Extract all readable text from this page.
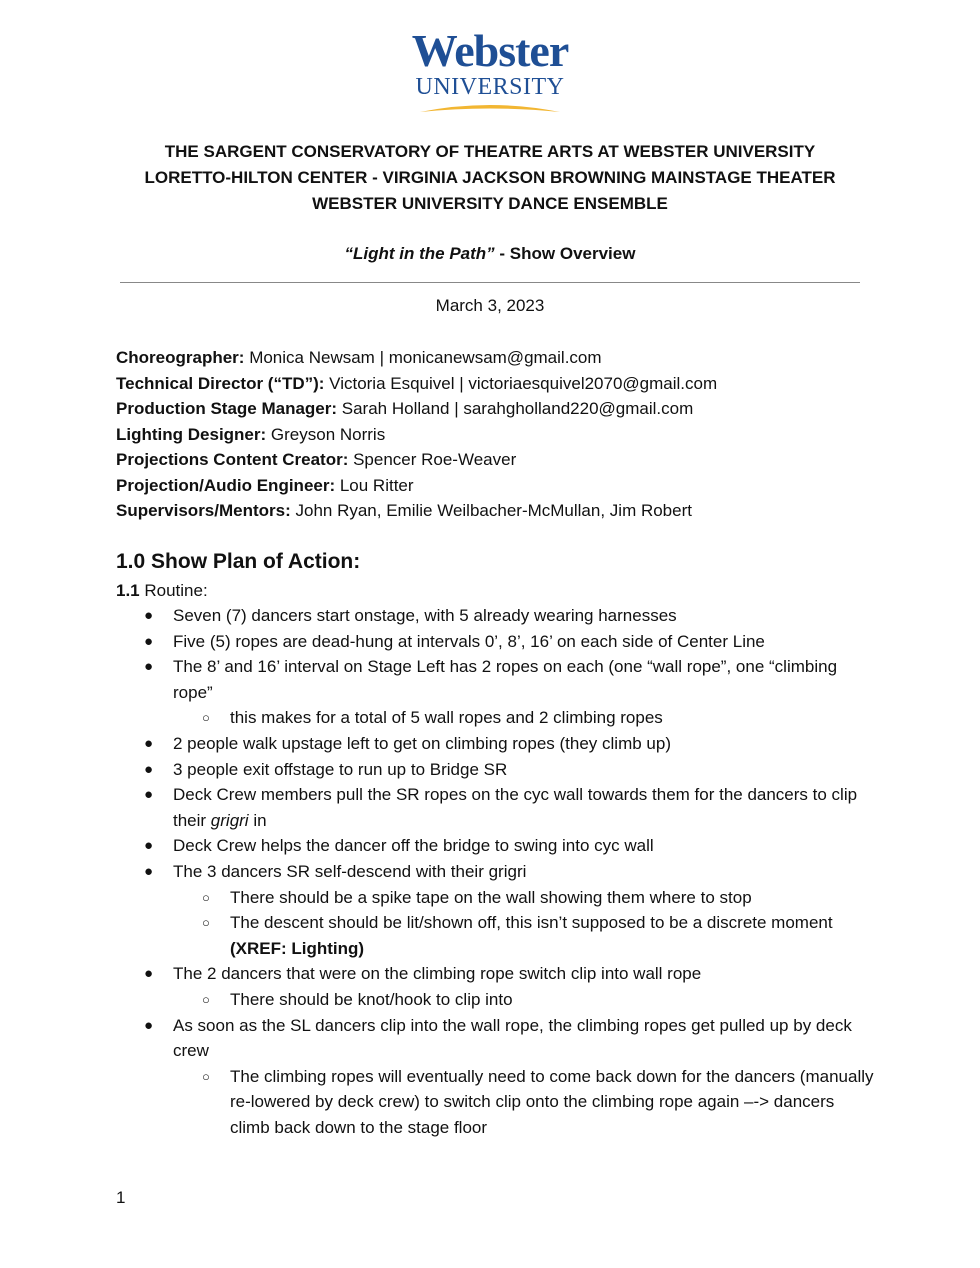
Webster
UNIVERSITY
THE SARGENT CONSERVATORY OF THEATRE ARTS AT WEBSTER UNIVERSITY
LORETTO-HILTON CENTER - VIRGINIA JACKSON BROWNING MAINSTAGE THEATER
WEBSTER UNIVERSITY DANCE ENSEMBLE
“Light in the Path” - Show Overview
March 3, 2023
Choreographer: Monica Newsam | monicanewsam@gmail.com
Technical Director (“TD”): Victoria Esquivel | victoriaesquivel2070@gmail.com
Production Stage Manager: Sarah Holland | sarahgholland220@gmail.com
Lighting Designer: Greyson Norris
Projections Content Creator: Spencer Roe-Weaver
Projection/Audio Engineer: Lou Ritter
Supervisors/Mentors: John Ryan, Emilie Weilbacher-McMullan, Jim Robert
1.0 Show Plan of Action:
1.1 Routine:
● Seven (7) dancers start onstage, with 5 already wearing harnesses
● Five (5) ropes are dead-hung at intervals 0’, 8’, 16’ on each side of Center Line
● The 8’ and 16’ interval on Stage Left has 2 ropes on each (one “wall rope”, one “climbing rope”
○ this makes for a total of 5 wall ropes and 2 climbing ropes
● 2 people walk upstage left to get on climbing ropes (they climb up)
● 3 people exit offstage to run up to Bridge SR
● Deck Crew members pull the SR ropes on the cyc wall towards them for the dancers to clip their grigri in
● Deck Crew helps the dancer off the bridge to swing into cyc wall
● The 3 dancers SR self-descend with their grigri
○ There should be a spike tape on the wall showing them where to stop
○ The descent should be lit/shown off, this isn’t supposed to be a discrete moment (XREF: Lighting)
● The 2 dancers that were on the climbing rope switch clip into wall rope
○ There should be knot/hook to clip into
● As soon as the SL dancers clip into the wall rope, the climbing ropes get pulled up by deck crew
○ The climbing ropes will eventually need to come back down for the dancers (manually re-lowered by deck crew) to switch clip onto the climbing rope again –-> dancers climb back down to the stage floor
1
